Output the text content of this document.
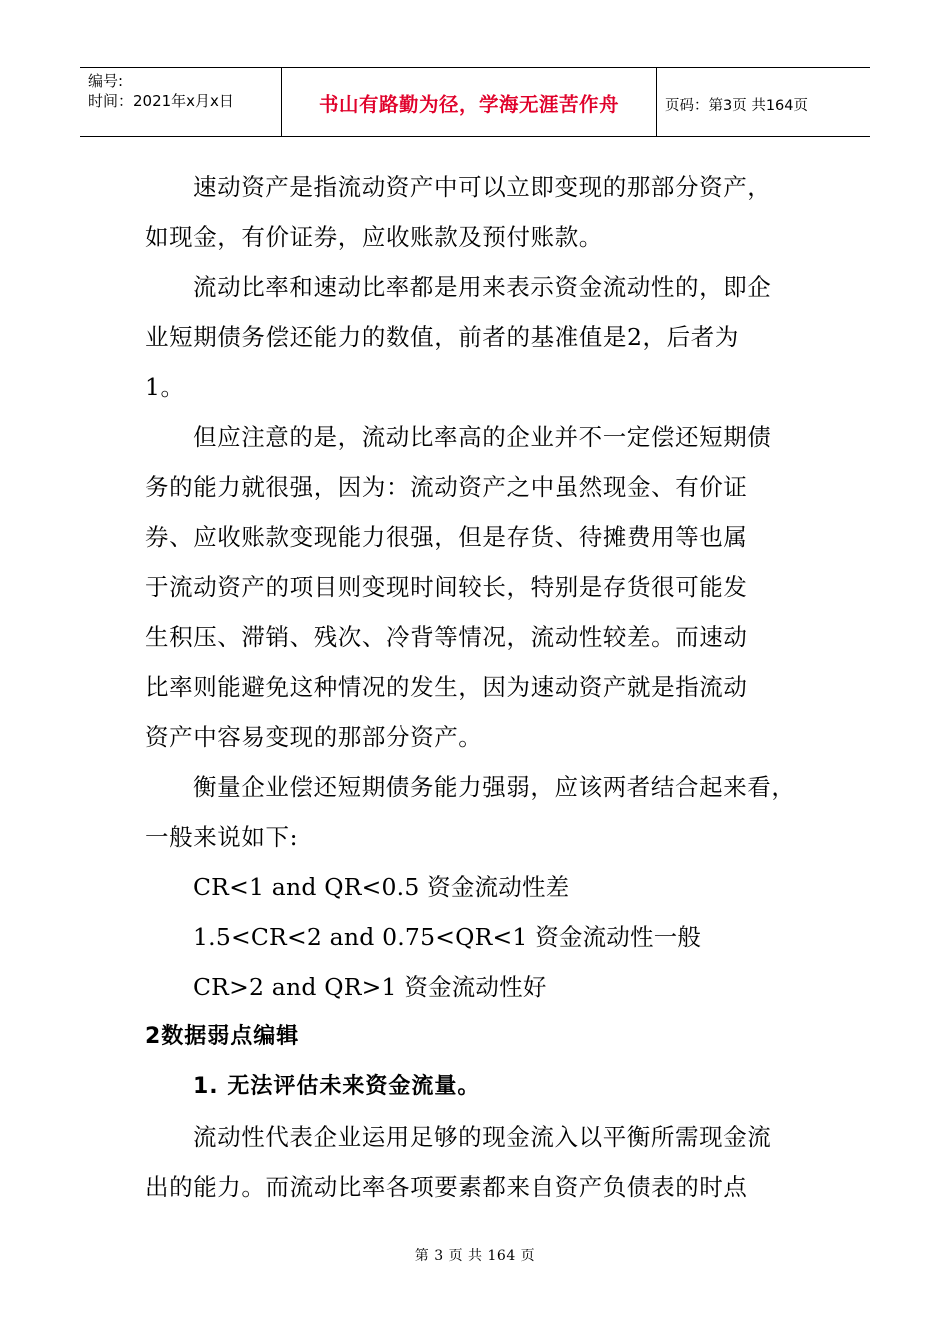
编号:
时间：2021年x月x日	书山有路勤为径，学海无涯苦作舟	页码：第3页 共164页
速动资产是指流动资产中可以立即变现的那部分资产，
如现金，有价证券，应收账款及预付账款。
流动比率和速动比率都是用来表示资金流动性的，即企
业短期债务偿还能力的数值，前者的基准值是2，后者为
1。
但应注意的是，流动比率高的企业并不一定偿还短期债
务的能力就很强，因为：流动资产之中虽然现金、有价证
券、应收账款变现能力很强，但是存货、待摊费用等也属
于流动资产的项目则变现时间较长，特别是存货很可能发
生积压、滞销、残次、冷背等情况，流动性较差。而速动
比率则能避免这种情况的发生，因为速动资产就是指流动
资产中容易变现的那部分资产。
衡量企业偿还短期债务能力强弱，应该两者结合起来看，
一般来说如下:
CR<1 and QR<0.5 资金流动性差
1.5<CR<2 and 0.75<QR<1 资金流动性一般
CR>2 and QR>1 资金流动性好
2数据弱点编辑
1. 无法评估未来资金流量。
流动性代表企业运用足够的现金流入以平衡所需现金流
出的能力。而流动比率各项要素都来自资产负债表的时点
第 3 页 共 164 页
